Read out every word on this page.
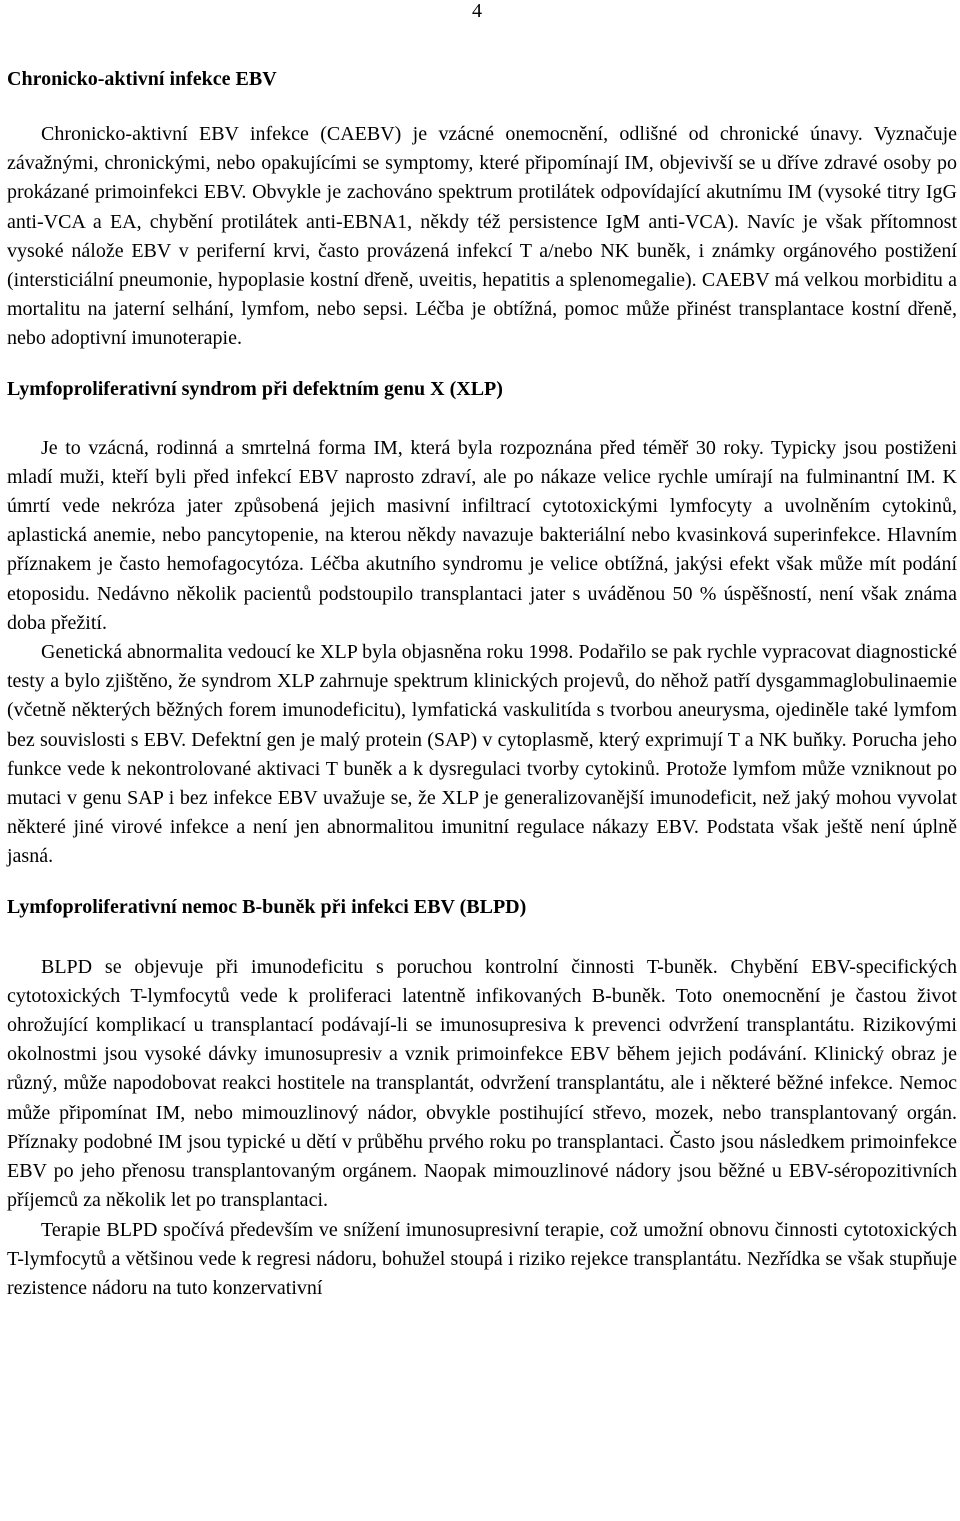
4
Chronicko-aktivní infekce EBV

Chronicko-aktivní EBV infekce (CAEBV) je vzácné onemocnění, odlišné od chronické únavy. Vyznačuje závažnými, chronickými, nebo opakujícími se symptomy, které připomínají IM, objevivší se u dříve zdravé osoby po prokázané primoinfekci EBV. Obvykle je zachováno spektrum protilátek odpovídající akutnímu IM (vysoké titry IgG anti-VCA a EA, chybění protilátek anti-EBNA1, někdy též persistence IgM anti-VCA). Navíc je však přítomnost vysoké nálože EBV v periferní krvi, často provázená infekcí T a/nebo NK buněk, i známky orgánového postižení (intersticiální pneumonie, hypoplasie kostní dřeně, uveitis, hepatitis a splenomegalie). CAEBV má velkou morbiditu a mortalitu na jaterní selhání, lymfom, nebo sepsi. Léčba je obtížná, pomoc může přinést transplantace kostní dřeně, nebo adoptivní imunoterapie.

Lymfoproliferativní syndrom při defektním genu X (XLP)

Je to vzácná, rodinná a smrtelná forma IM, která byla rozpoznána před téměř 30 roky. Typicky jsou postiženi mladí muži, kteří byli před infekcí EBV naprosto zdraví, ale po nákaze velice rychle umírají na fulminantní IM. K úmrtí vede nekróza jater způsobená jejich masivní infiltrací cytotoxickými lymfocyty a uvolněním cytokinů, aplastická anemie, nebo pancytopenie, na kterou někdy navazuje bakteriální nebo kvasinková superinfekce. Hlavním příznakem je často hemofagocytóza. Léčba akutního syndromu je velice obtížná, jakýsi efekt však může mít podání etoposidu. Nedávno několik pacientů podstoupilo transplantaci jater s uváděnou 50 % úspěšností, není však známa doba přežití.

Genetická abnormalita vedoucí ke XLP byla objasněna roku 1998. Podařilo se pak rychle vypracovat diagnostické testy a bylo zjištěno, že syndrom XLP zahrnuje spektrum klinických projevů, do něhož patří dysgammaglobulinaemie (včetně některých běžných forem imunodeficitu), lymfatická vaskulitída s tvorbou aneurysma, ojediněle také lymfom bez souvislosti s EBV. Defektní gen je malý protein (SAP) v cytoplasmě, který exprimují T a NK buňky. Porucha jeho funkce vede k nekontrolované aktivaci T buněk a k dysregulaci tvorby cytokinů. Protože lymfom může vzniknout po mutaci v genu SAP i bez infekce EBV uvažuje se, že XLP je generalizovanější imunodeficit, než jaký mohou vyvolat některé jiné virové infekce a není jen abnormalitou imunitní regulace nákazy EBV. Podstata však ještě není úplně jasná.

Lymfoproliferativní nemoc B-buněk při infekci EBV (BLPD)

BLPD se objevuje při imunodeficitu s poruchou kontrolní činnosti T-buněk. Chybění EBV-specifických cytotoxických T-lymfocytů vede k proliferaci latentně infikovaných B-buněk. Toto onemocnění je častou život ohrožující komplikací u transplantací podávají-li se imunosupresiva k prevenci odvržení transplantátu. Rizikovými okolnostmi jsou vysoké dávky imunosupresiv a vznik primoinfekce EBV během jejich podávání. Klinický obraz je různý, může napodobovat reakci hostitele na transplantát, odvržení transplantátu, ale i některé běžné infekce. Nemoc může připomínat IM, nebo mimouzlinový nádor, obvykle postihující střevo, mozek, nebo transplantovaný orgán. Příznaky podobné IM jsou typické u dětí v průběhu prvého roku po transplantaci. Často jsou následkem primoinfekce EBV po jeho přenosu transplantovaným orgánem. Naopak mimouzlinové nádory jsou běžné u EBV-séropozitivních příjemců za několik let po transplantaci.

Terapie BLPD spočívá především ve snížení imunosupresivní terapie, což umožní obnovu činnosti cytotoxických T-lymfocytů a většinou vede k regresi nádoru, bohužel stoupá i riziko rejekce transplantátu. Nezřídka se však stupňuje rezistence nádoru na tuto konzervativní
